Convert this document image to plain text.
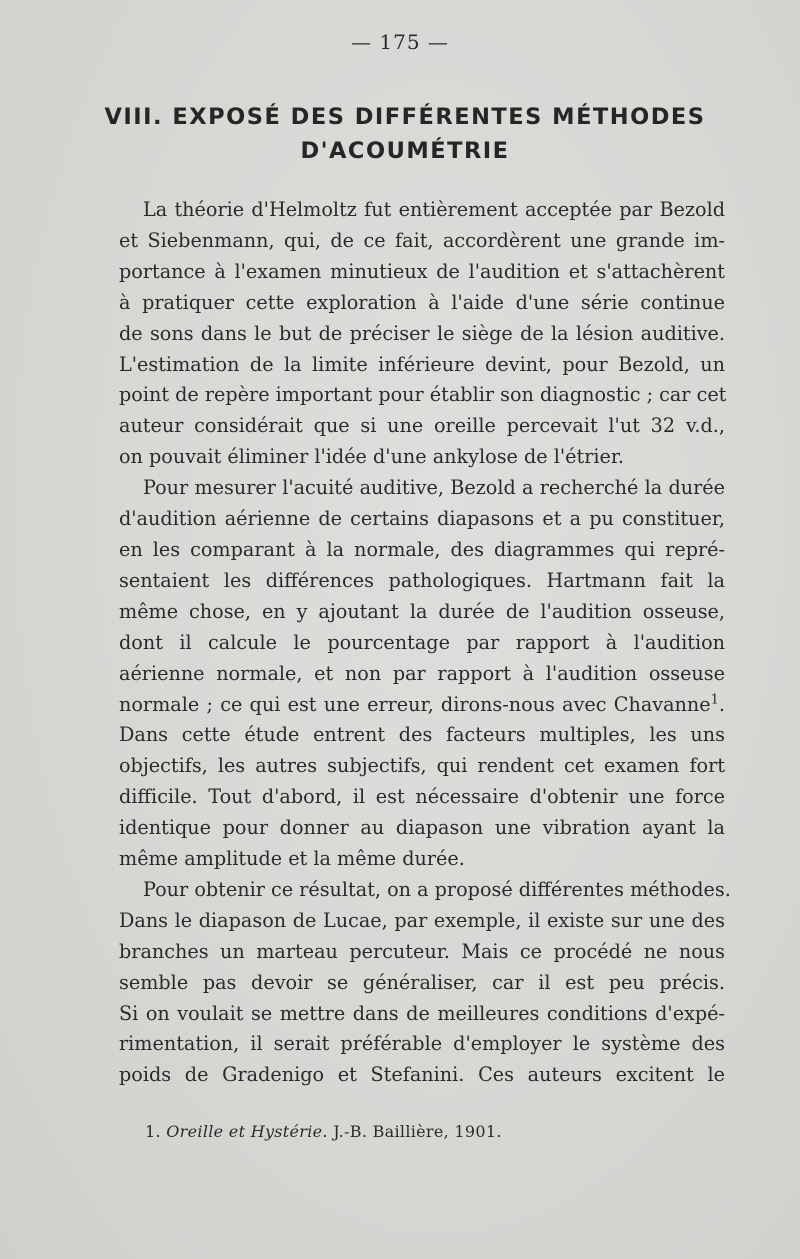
— 175 —
VIII. EXPOSÉ DES DIFFÉRENTES MÉTHODES
D'ACOUMÉTRIE
La théorie d'Helmoltz fut entièrement acceptée par Bezold
et Siebenmann, qui, de ce fait, accordèrent une grande im-
portance à l'examen minutieux de l'audition et s'attachèrent
à pratiquer cette exploration à l'aide d'une série continue
de sons dans le but de préciser le siège de la lésion auditive.
L'estimation de la limite inférieure devint, pour Bezold, un
point de repère important pour établir son diagnostic ; car cet
auteur considérait que si une oreille percevait l'ut 32 v.d.,
on pouvait éliminer l'idée d'une ankylose de l'étrier.
Pour mesurer l'acuité auditive, Bezold a recherché la durée
d'audition aérienne de certains diapasons et a pu constituer,
en les comparant à la normale, des diagrammes qui repré-
sentaient les différences pathologiques. Hartmann fait la
même chose, en y ajoutant la durée de l'audition osseuse,
dont il calcule le pourcentage par rapport à l'audition
aérienne normale, et non par rapport à l'audition osseuse
normale ; ce qui est une erreur, dirons-nous avec Chavanne$^1$.
Dans cette étude entrent des facteurs multiples, les uns
objectifs, les autres subjectifs, qui rendent cet examen fort
difficile. Tout d'abord, il est nécessaire d'obtenir une force
identique pour donner au diapason une vibration ayant la
même amplitude et la même durée.
Pour obtenir ce résultat, on a proposé différentes méthodes.
Dans le diapason de Lucae, par exemple, il existe sur une des
branches un marteau percuteur. Mais ce procédé ne nous
semble pas devoir se généraliser, car il est peu précis.
Si on voulait se mettre dans de meilleures conditions d'expé-
rimentation, il serait préférable d'employer le système des
poids de Gradenigo et Stefanini. Ces auteurs excitent le
1. Oreille et Hystérie. J.-B. Baillière, 1901.
